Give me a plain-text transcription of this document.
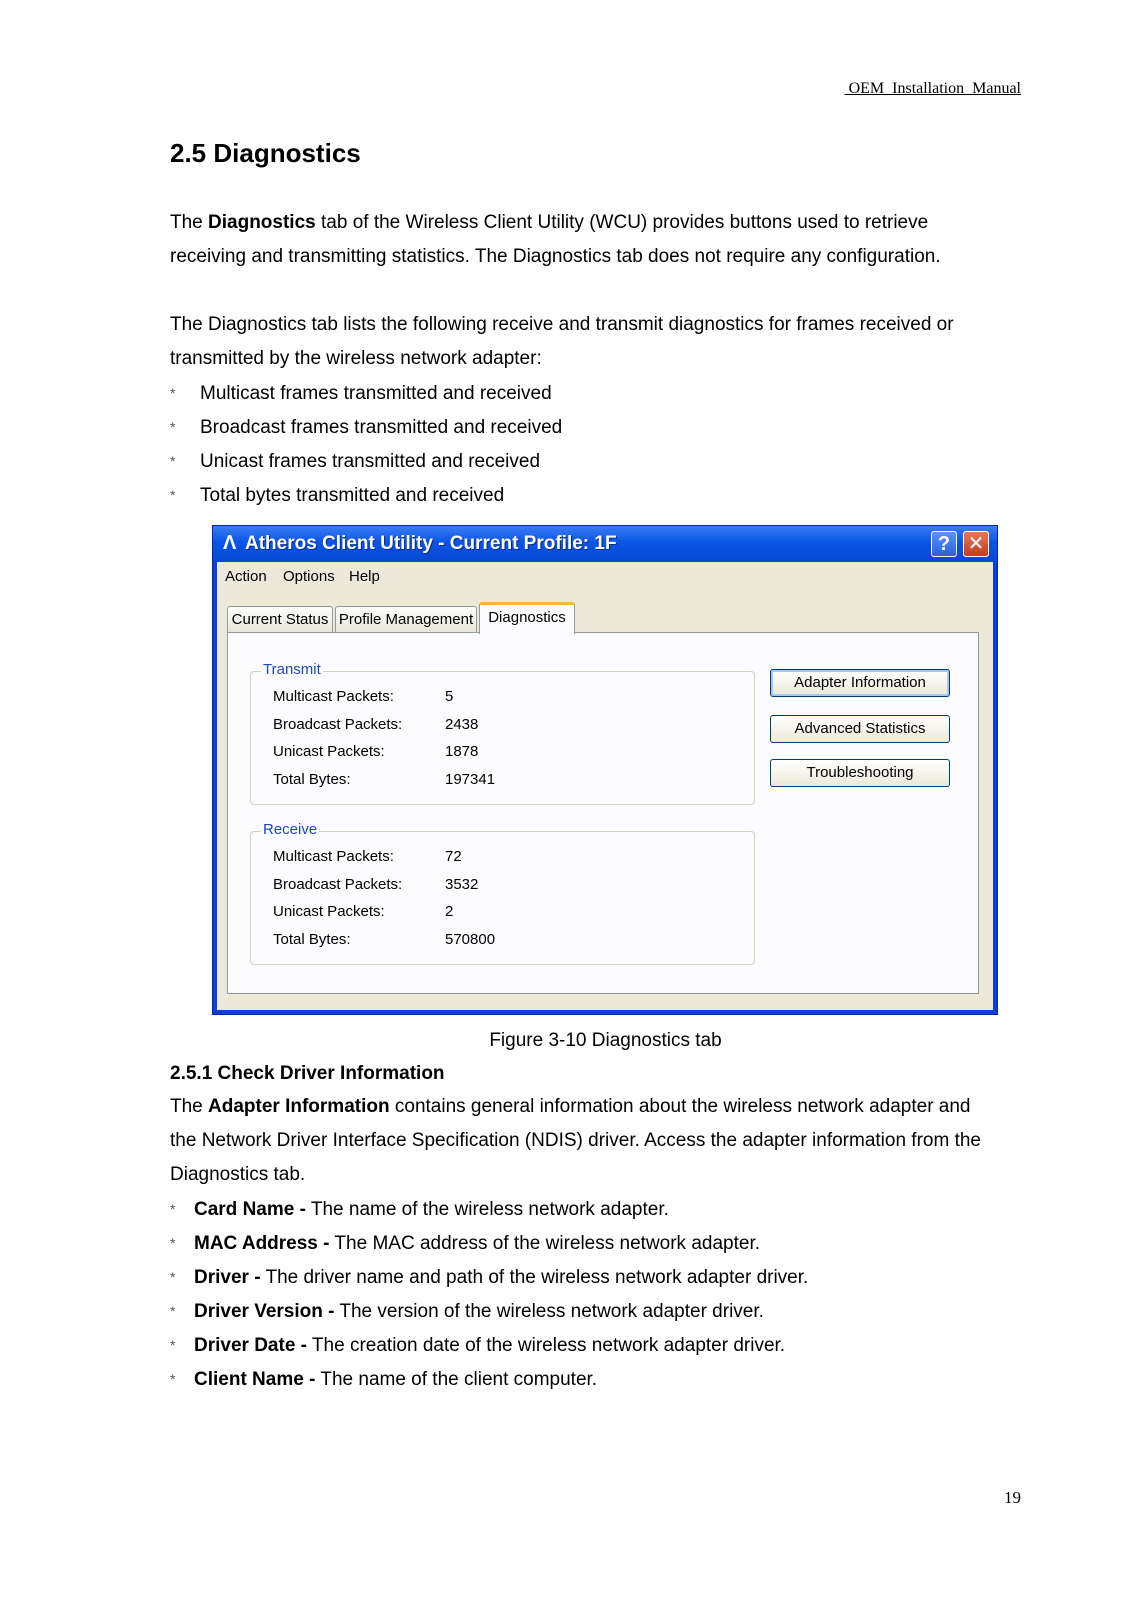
OEM  Installation  Manual
2.5 Diagnostics
The Diagnostics tab of the Wireless Client Utility (WCU) provides buttons used to retrieve receiving and transmitting statistics. The Diagnostics tab does not require any configuration.
The Diagnostics tab lists the following receive and transmit diagnostics for frames received or transmitted by the wireless network adapter:
* Multicast frames transmitted and received
* Broadcast frames transmitted and received
* Unicast frames transmitted and received
* Total bytes transmitted and received
Λ Atheros Client Utility - Current Profile: 1F	? ✕
Action Options Help
Current Status Profile Management	Diagnostics
Transmit
Multicast Packets:	5
Broadcast Packets:	2438
Unicast Packets:	1878
Total Bytes:	197341
Receive
Multicast Packets:	72
Broadcast Packets:	3532
Unicast Packets:	2
Total Bytes:	570800
Adapter Information
Advanced Statistics
Troubleshooting
Figure 3-10 Diagnostics tab
2.5.1 Check Driver Information
The Adapter Information contains general information about the wireless network adapter and the Network Driver Interface Specification (NDIS) driver. Access the adapter information from the Diagnostics tab.
* Card Name - The name of the wireless network adapter.
* MAC Address - The MAC address of the wireless network adapter.
* Driver - The driver name and path of the wireless network adapter driver.
* Driver Version - The version of the wireless network adapter driver.
* Driver Date - The creation date of the wireless network adapter driver.
* Client Name - The name of the client computer.
19
